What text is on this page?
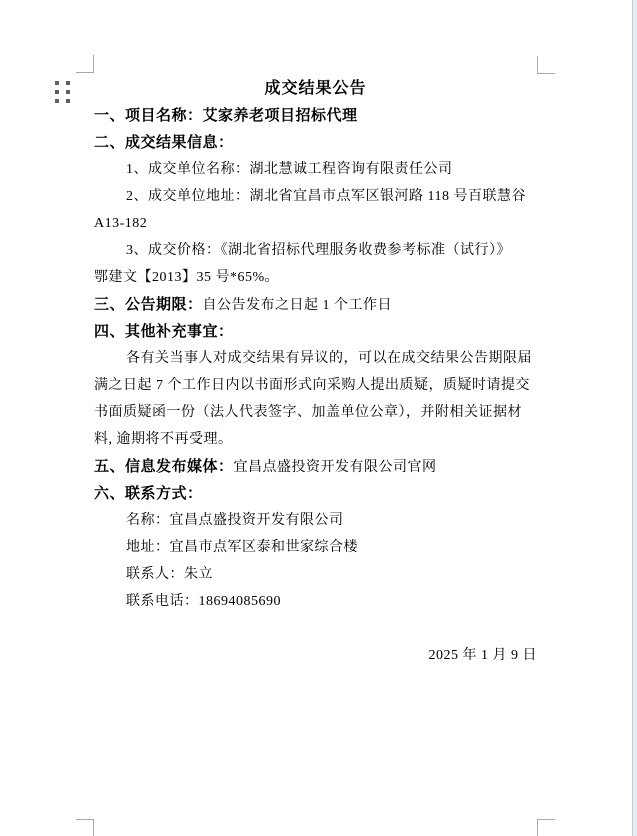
成交结果公告
一、项目名称：艾家养老项目招标代理
二、成交结果信息：
1、成交单位名称：湖北慧诚工程咨询有限责任公司
2、成交单位地址：湖北省宜昌市点军区银河路 118 号百联慧谷
A13-182
3、成交价格：《湖北省招标代理服务收费参考标准（试行）》
鄂建文【2013】35 号*65%。
三、公告期限：自公告发布之日起 1 个工作日
四、其他补充事宜：
各有关当事人对成交结果有异议的，可以在成交结果公告期限届
满之日起 7 个工作日内以书面形式向采购人提出质疑，质疑时请提交
书面质疑函一份（法人代表签字、加盖单位公章），并附相关证据材
料, 逾期将不再受理。
五、信息发布媒体：宜昌点盛投资开发有限公司官网
六、联系方式：
名称：宜昌点盛投资开发有限公司
地址：宜昌市点军区泰和世家综合楼
联系人：朱立
联系电话：18694085690
2025 年 1 月 9 日
